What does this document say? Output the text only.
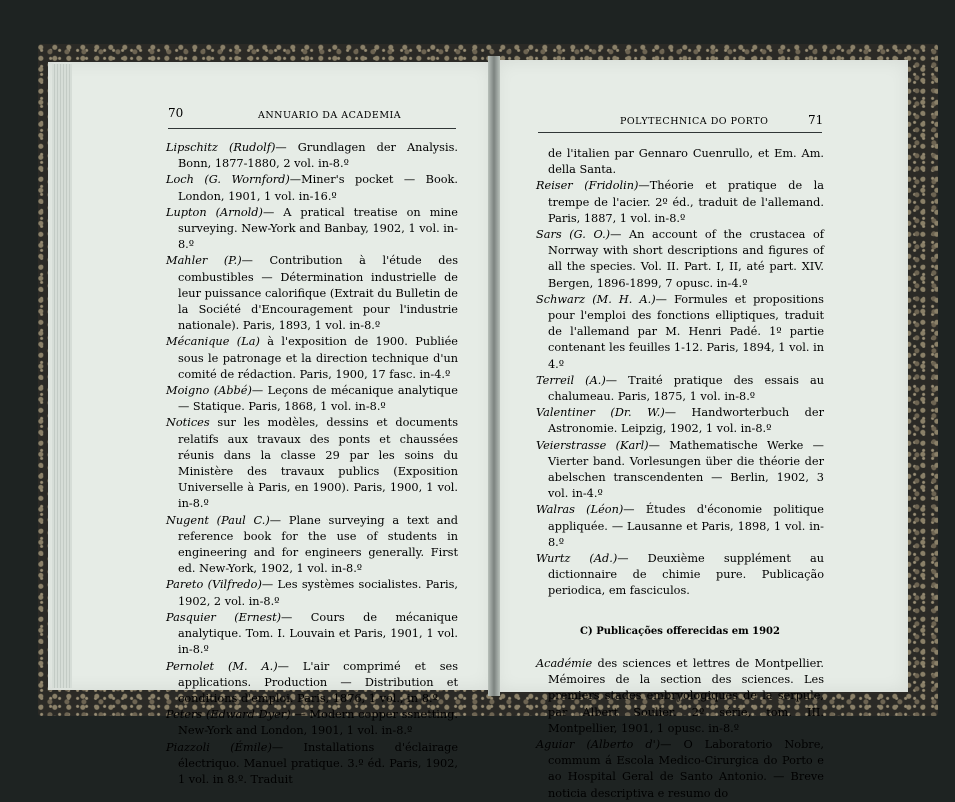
70	ANNUARIO DA ACADEMIA
Lipschitz (Rudolf)— Grundlagen der Analysis. Bonn, 1877-1880, 2 vol. in-8.º
Loch (G. Wornford)—Miner's pocket — Book. London, 1901, 1 vol. in-16.º
Lupton (Arnold)— A pratical treatise on mine surveying. New-York and Banbay, 1902, 1 vol. in-8.º
Mahler (P.)— Contribution à l'étude des combustibles — Détermination industrielle de leur puissance calorifique (Extrait du Bulletin de la Société d'Encouragement pour l'industrie nationale). Paris, 1893, 1 vol. in-8.º
Mécanique (La) à l'exposition de 1900. Publiée sous le patronage et la direction technique d'un comité de rédaction. Paris, 1900, 17 fasc. in-4.º
Moigno (Abbé)— Leçons de mécanique analytique — Statique. Paris, 1868, 1 vol. in-8.º
Notices sur les modèles, dessins et documents relatifs aux travaux des ponts et chaussées réunis dans la classe 29 par les soins du Ministère des travaux publics (Exposition Universelle à Paris, en 1900). Paris, 1900, 1 vol. in-8.º
Nugent (Paul C.)— Plane surveying a text and reference book for the use of students in engineering and for engineers generally. First ed. New-York, 1902, 1 vol. in-8.º
Pareto (Vilfredo)— Les systèmes socialistes. Paris, 1902, 2 vol. in-8.º
Pasquier (Ernest)— Cours de mécanique analytique. Tom. I. Louvain et Paris, 1901, 1 vol. in-8.º
Pernolet (M. A.)— L'air comprimé et ses applications. Production — Distribution et conditions d'emploi. Paris, 1876, 1 vol., in-8.º
Peters (Edward Dyer) — Modern copper ssnetting. New-York and London, 1901, 1 vol. in-8.º
Piazzoli (Émile)— Installations d'éclairage électriquo. Manuel pratique. 3.º éd. Paris, 1902, 1 vol. in 8.º. Traduit
POLYTECHNICA DO PORTO	71
de l'italien par Gennaro Cuenrullo, et Em. Am. della Santa.
Reiser (Fridolin)—Théorie et pratique de la trempe de l'acier. 2º éd., traduit de l'allemand. Paris, 1887, 1 vol. in-8.º
Sars (G. O.)— An account of the crustacea of Norrway with short descriptions and figures of all the species. Vol. II. Part. I, II, até part. XIV. Bergen, 1896-1899, 7 opusc. in-4.º
Schwarz (M. H. A.)— Formules et propositions pour l'emploi des fonctions elliptiques, traduit de l'allemand par M. Henri Padé. 1º partie contenant les feuilles 1-12. Paris, 1894, 1 vol. in 4.º
Terreil (A.)— Traité pratique des essais au chalumeau. Paris, 1875, 1 vol. in-8.º
Valentiner (Dr. W.)— Handworterbuch der Astronomie. Leipzig, 1902, 1 vol. in-8.º
Veierstrasse (Karl)— Mathematische Werke — Vierter band. Vorlesungen über die théorie der abelschen transcendenten — Berlin, 1902, 3 vol. in-4.º
Walras (Léon)— Études d'économie politique appliquée. — Lausanne et Paris, 1898, 1 vol. in-8.º
Wurtz (Ad.)— Deuxième supplément au dictionnaire de chimie pure. Publicação periodica, em fasciculos.
C) Publicações offerecidas em 1902
Académie des sciences et lettres de Montpellier. Mémoires de la section des sciences. Les premiers stades embryologiques de la serpule, par Albert Soulier. 2º série, tom. III. Montpellier, 1901, 1 opusc. in-8.º
Aguiar (Alberto d')— O Laboratorio Nobre, commum á Escola Medico-Cirurgica do Porto e ao Hospital Geral de Santo Antonio. — Breve noticia descriptiva e resumo do
